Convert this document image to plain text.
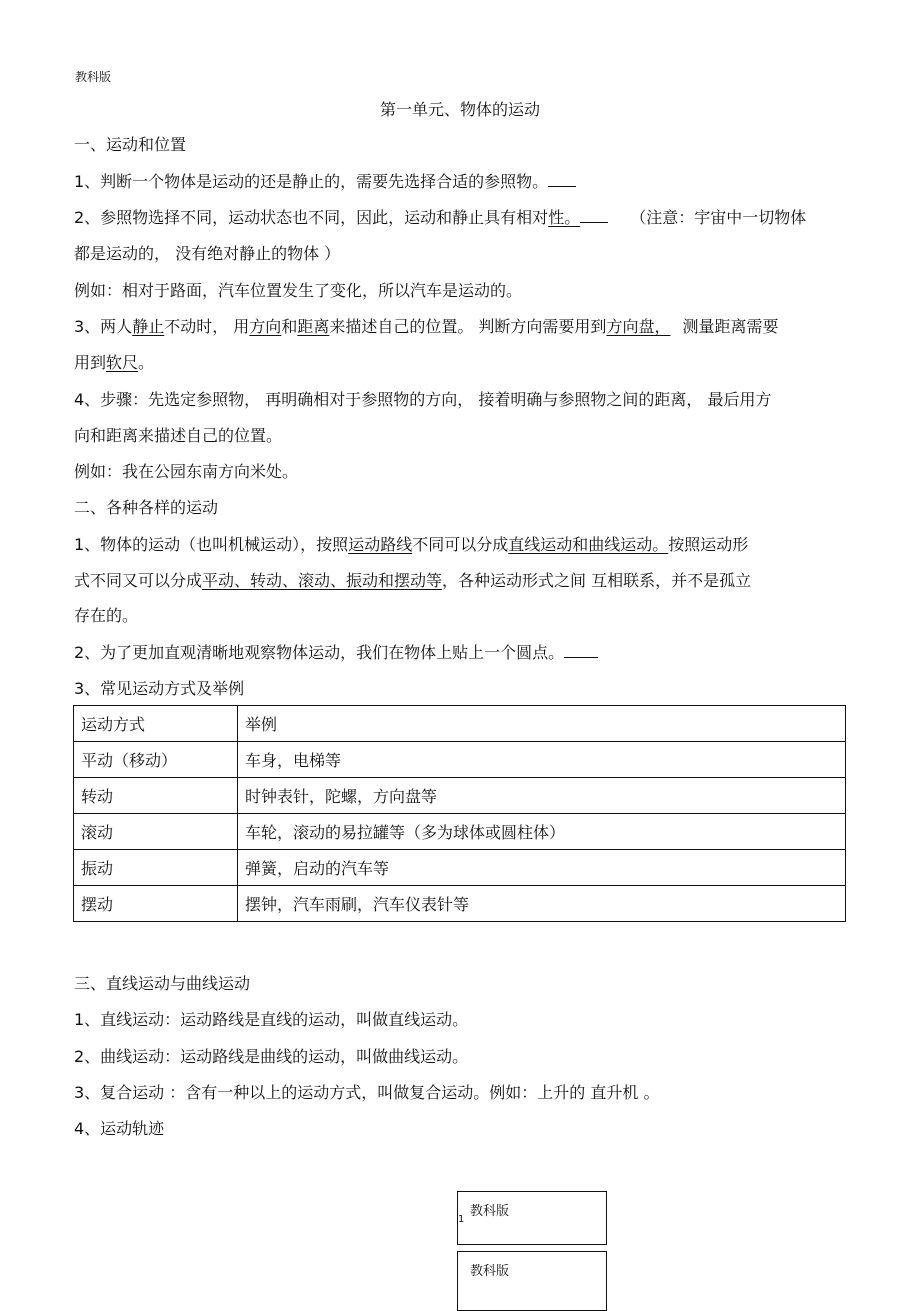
教科版
第一单元、物体的运动
一、运动和位置
1、判断一个物体是运动的还是静止的，需要先选择合适的参照物。
2、参照物选择不同，运动状态也不同，因此，运动和静止具有相对性。	（注意：宇宙中一切物体
都是运动的， 没有绝对静止的物体 ）
例如：相对于路面，汽车位置发生了变化，所以汽车是运动的。
3、两人静止不动时， 用方向和距离来描述自己的位置。 判断方向需要用到方向盘， 测量距离需要
用到软尺。
4、步骤：先选定参照物， 再明确相对于参照物的方向， 接着明确与参照物之间的距离， 最后用方
向和距离来描述自己的位置。
例如：我在公园东南方向米处。
二、各种各样的运动
1、物体的运动（也叫机械运动），按照运动路线不同可以分成直线运动和曲线运动。按照运动形
式不同又可以分成平动、转动、滚动、振动和摆动等，各种运动形式之间 互相联系，并不是孤立
存在的。
2、为了更加直观清晰地观察物体运动，我们在物体上贴上一个圆点。
3、常见运动方式及举例
运动方式	举例
平动（移动）	车身，电梯等
转动	时钟表针，陀螺，方向盘等
滚动	车轮，滚动的易拉罐等（多为球体或圆柱体）
振动	弹簧，启动的汽车等
摆动	摆钟，汽车雨刷，汽车仪表针等
三、直线运动与曲线运动
1、直线运动：运动路线是直线的运动，叫做直线运动。
2、曲线运动：运动路线是曲线的运动，叫做曲线运动。
3、复合运动 ：含有一种以上的运动方式，叫做复合运动。例如：上升的 直升机 。
4、运动轨迹
教科版
1
教科版
